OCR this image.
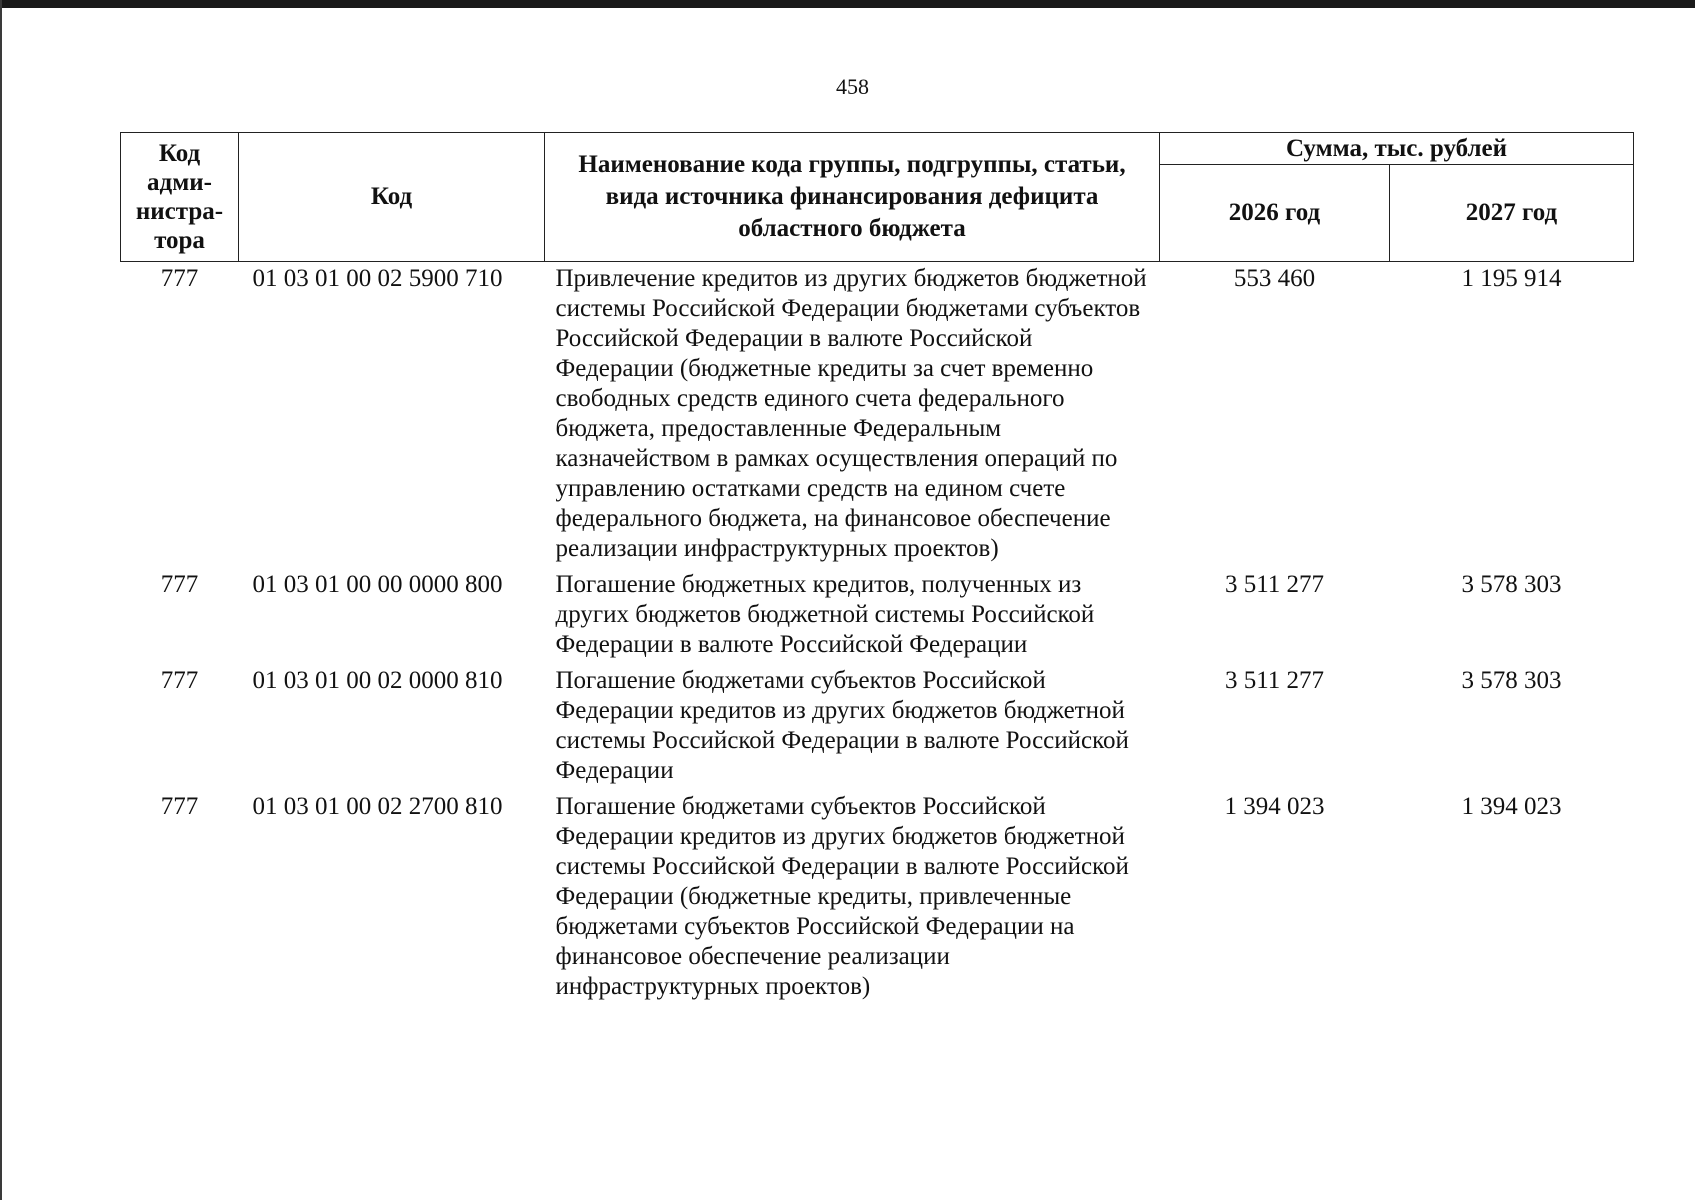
458
Код адми-нистра-тора	Код	Наименование кода группы, подгруппы, статьи, вида источника финансирования дефицита областного бюджета	Сумма, тыс. рублей	
			2026 год	2027 год
777	01 03 01 00 02 5900 710	Привлечение кредитов из других бюджетов бюджетной системы Российской Федерации бюджетами субъектов Российской Федерации в валюте Российской Федерации (бюджетные кредиты за счет временно свободных средств единого счета федерального бюджета, предоставленные Федеральным казначейством в рамках осуществления операций по управлению остатками средств на едином счете федерального бюджета, на финансовое обеспечение реализации инфраструктурных проектов)	553 460	1 195 914
777	01 03 01 00 00 0000 800	Погашение бюджетных кредитов, полученных из других бюджетов бюджетной системы Российской Федерации в валюте Российской Федерации	3 511 277	3 578 303
777	01 03 01 00 02 0000 810	Погашение бюджетами субъектов Российской Федерации кредитов из других бюджетов бюджетной системы Российской Федерации в валюте Российской Федерации	3 511 277	3 578 303
777	01 03 01 00 02 2700 810	Погашение бюджетами субъектов Российской Федерации кредитов из других бюджетов бюджетной системы Российской Федерации в валюте Российской Федерации (бюджетные кредиты, привлеченные бюджетами субъектов Российской Федерации на финансовое обеспечение реализации инфраструктурных проектов)	1 394 023	1 394 023
